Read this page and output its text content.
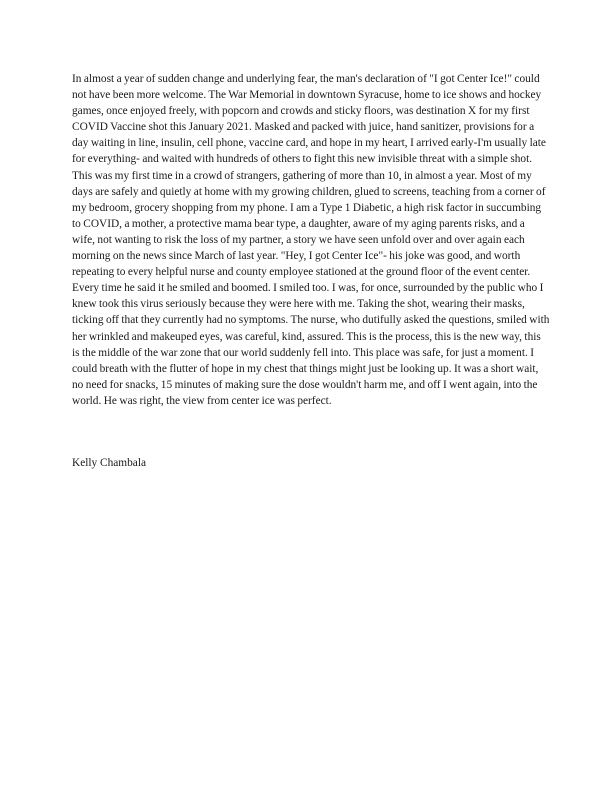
In almost a year of sudden change and underlying fear, the man's declaration of "I got Center Ice!" could not have been more welcome. The War Memorial in downtown Syracuse, home to ice shows and hockey games, once enjoyed freely, with popcorn and crowds and sticky floors, was destination X for my first COVID Vaccine shot this January 2021. Masked and packed with juice, hand sanitizer, provisions for a day waiting in line, insulin, cell phone, vaccine card, and hope in my heart, I arrived early-I'm usually late for everything- and waited with hundreds of others to fight this new invisible threat with a simple shot. This was my first time in a crowd of strangers, gathering of more than 10, in almost a year. Most of my days are safely and quietly at home with my growing children, glued to screens, teaching from a corner of my bedroom, grocery shopping from my phone. I am a Type 1 Diabetic, a high risk factor in succumbing to COVID, a mother, a protective mama bear type, a daughter, aware of my aging parents risks, and a wife, not wanting to risk the loss of my partner, a story we have seen unfold over and over again each morning on the news since March of last year. "Hey, I got Center Ice"- his joke was good, and worth repeating to every helpful nurse and county employee stationed at the ground floor of the event center. Every time he said it he smiled and boomed. I smiled too. I was, for once, surrounded by the public who I knew took this virus seriously because they were here with me. Taking the shot, wearing their masks, ticking off that they currently had no symptoms. The nurse, who dutifully asked the questions, smiled with her wrinkled and makeuped eyes, was careful, kind, assured. This is the process, this is the new way, this is the middle of the war zone that our world suddenly fell into. This place was safe, for just a moment. I could breath with the flutter of hope in my chest that things might just be looking up. It was a short wait, no need for snacks, 15 minutes of making sure the dose wouldn't harm me, and off I went again, into the world. He was right, the view from center ice was perfect.

Kelly Chambala
